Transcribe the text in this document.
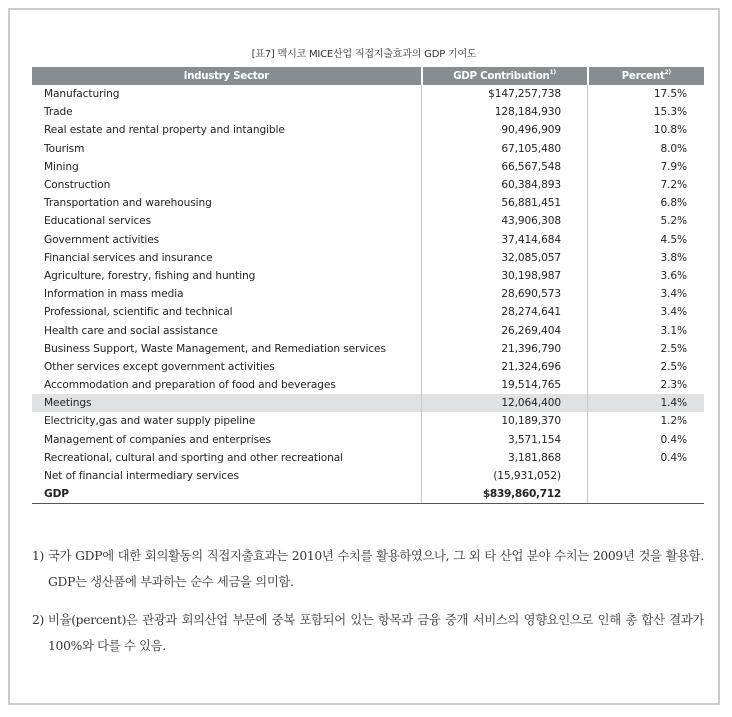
[표7] 멕시코 MICE산업 직접지출효과의 GDP 기여도
Industry Sector	GDP Contribution$^{1)}$	Percent$^{2)}$
Manufacturing	$147,257,738	17.5%
Trade	128,184,930	15.3%
Real estate and rental property and intangible	90,496,909	10.8%
Tourism	67,105,480	8.0%
Mining	66,567,548	7.9%
Construction	60,384,893	7.2%
Transportation and warehousing	56,881,451	6.8%
Educational services	43,906,308	5.2%
Government activities	37,414,684	4.5%
Financial services and insurance	32,085,057	3.8%
Agriculture, forestry, fishing and hunting	30,198,987	3.6%
Information in mass media	28,690,573	3.4%
Professional, scientific and technical	28,274,641	3.4%
Health care and social assistance	26,269,404	3.1%
Business Support, Waste Management, and Remediation services	21,396,790	2.5%
Other services except government activities	21,324,696	2.5%
Accommodation and preparation of food and beverages	19,514,765	2.3%
Meetings	12,064,400	1.4%
Electricity,gas and water supply pipeline	10,189,370	1.2%
Management of companies and enterprises	3,571,154	0.4%
Recreational, cultural and sporting and other recreational	3,181,868	0.4%
Net of financial intermediary services	(15,931,052)	
GDP	$839,860,712	
1) 국가 GDP에 대한 회의활동의 직접지출효과는 2010년 수치를 활용하였으나, 그 외 타 산업 분야 수치는 2009년 것을 활용함. GDP는 생산품에 부과하는 순수 세금을 의미함.
2) 비율(percent)은 관광과 회의산업 부문에 중복 포함되어 있는 항목과 금융 중개 서비스의 영향요인으로 인해 총 합산 결과가 100%와 다를 수 있음.
